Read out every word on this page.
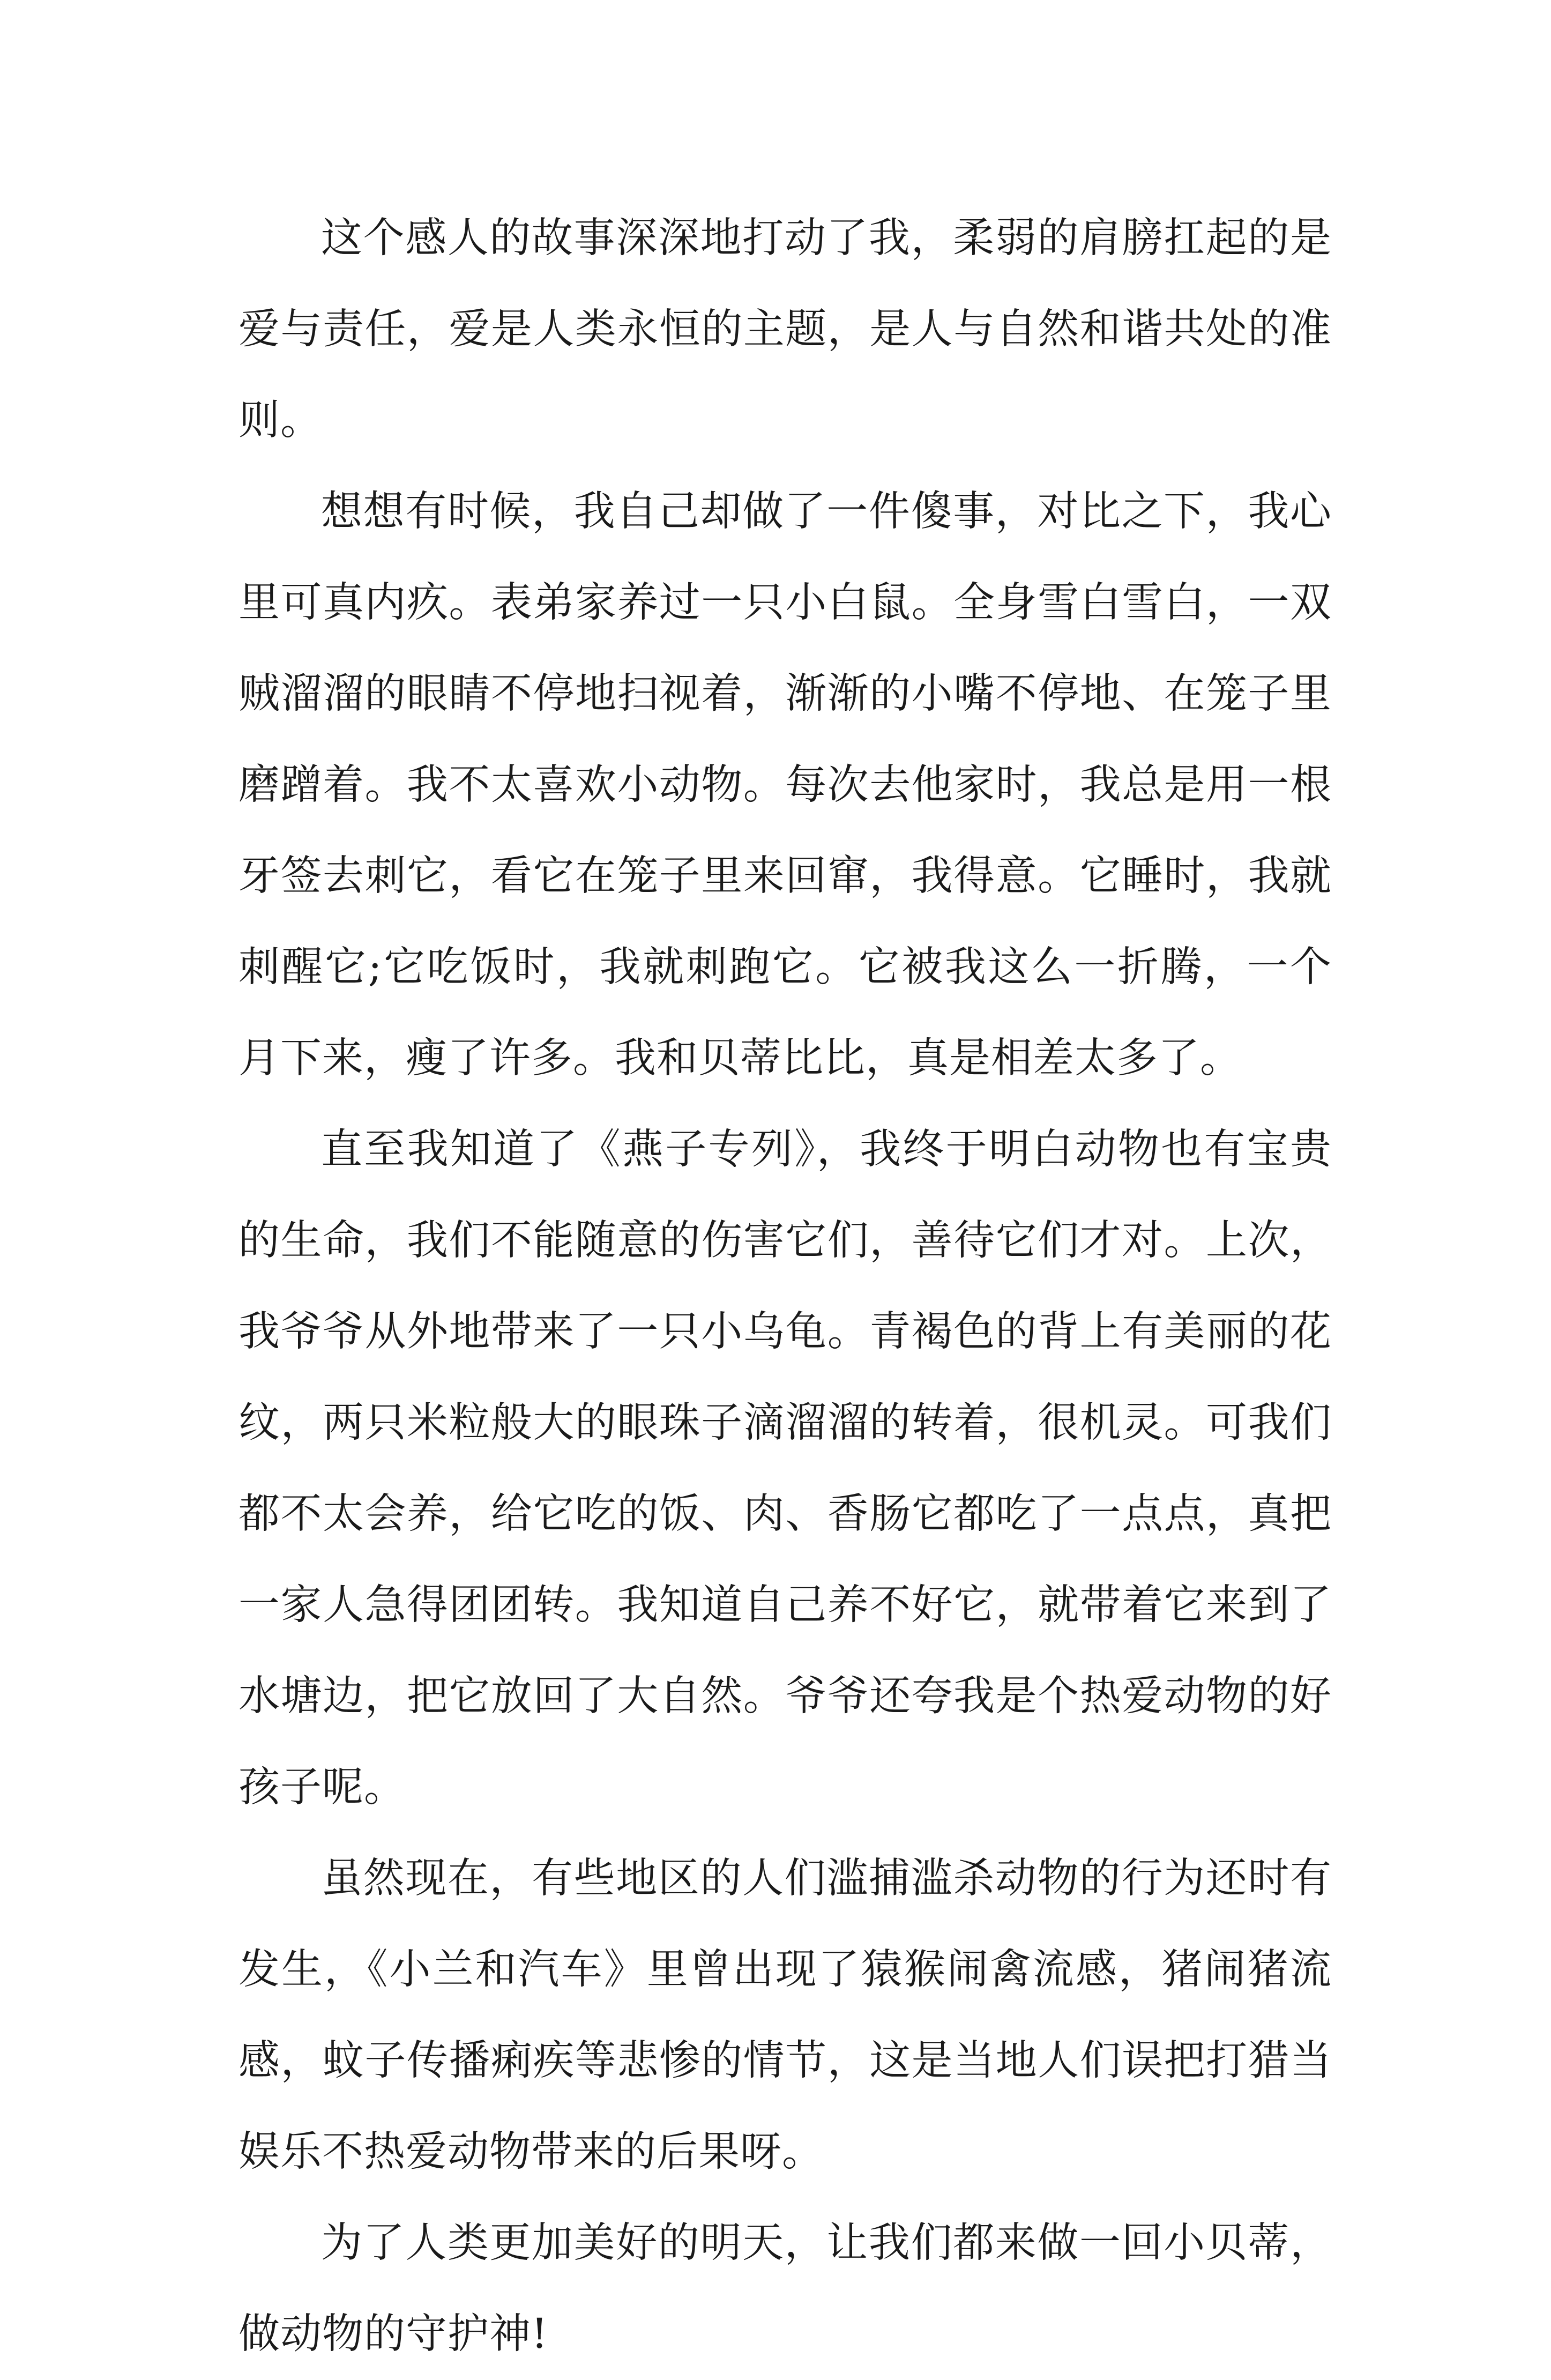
这个感人的故事深深地打动了我，柔弱的肩膀扛起的是
爱与责任，爱是人类永恒的主题，是人与自然和谐共处的准
则。
想想有时候，我自己却做了一件傻事，对比之下，我心
里可真内疚。表弟家养过一只小白鼠。全身雪白雪白，一双
贼溜溜的眼睛不停地扫视着，渐渐的小嘴不停地、在笼子里
磨蹭着。我不太喜欢小动物。每次去他家时，我总是用一根
牙签去刺它，看它在笼子里来回窜，我得意。它睡时，我就
刺醒它;它吃饭时，我就刺跑它。它被我这么一折腾，一个
月下来，瘦了许多。我和贝蒂比比，真是相差太多了。
直至我知道了《燕子专列》，我终于明白动物也有宝贵
的生命，我们不能随意的伤害它们，善待它们才对。上次，
我爷爷从外地带来了一只小乌龟。青褐色的背上有美丽的花
纹，两只米粒般大的眼珠子滴溜溜的转着，很机灵。可我们
都不太会养，给它吃的饭、肉、香肠它都吃了一点点，真把
一家人急得团团转。我知道自己养不好它，就带着它来到了
水塘边，把它放回了大自然。爷爷还夸我是个热爱动物的好
孩子呢。
虽然现在，有些地区的人们滥捕滥杀动物的行为还时有
发生，《小兰和汽车》里曾出现了猿猴闹禽流感，猪闹猪流
感，蚊子传播痢疾等悲惨的情节，这是当地人们误把打猎当
娱乐不热爱动物带来的后果呀。
为了人类更加美好的明天，让我们都来做一回小贝蒂，
做动物的守护神!
